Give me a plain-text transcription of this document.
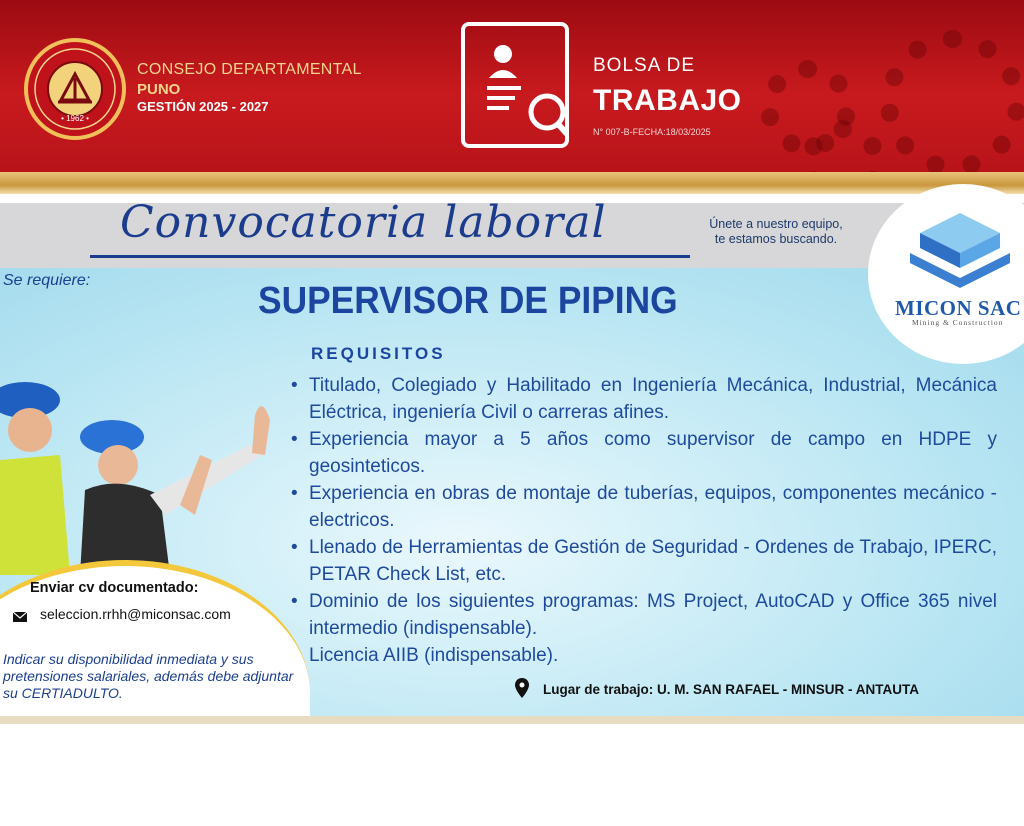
• 1962 •
CONSEJO DEPARTAMENTAL
PUNO
GESTIÓN 2025 - 2027
BOLSA DE
TRABAJO
N° 007-B-FECHA:18/03/2025
Convocatoria laboral	Únete a nuestro equipo, te estamos buscando.
MICON SAC
Mining & Construction
Se requiere:	SUPERVISOR DE PIPING
REQUISITOS
• Titulado, Colegiado y Habilitado en Ingeniería Mecánica, Industrial, Mecánica Eléctrica, ingeniería Civil o carreras afines.
• Experiencia mayor a 5 años como supervisor de campo en HDPE y geosinteticos.
• Experiencia en obras de montaje de tuberías, equipos, componentes mecánico - electricos.
• Llenado de Herramientas de Gestión de Seguridad - Ordenes de Trabajo, IPERC, PETAR Check List, etc.
• Dominio de los siguientes programas: MS Project, AutoCAD y Office 365 nivel intermedio (indispensable).
• Licencia AIIB (indispensable).
Enviar cv documentado:
seleccion.rrhh@miconsac.com
Indicar su disponibilidad inmediata y sus pretensiones salariales, además debe adjuntar su CERTIADULTO.	Lugar de trabajo: U. M. SAN RAFAEL - MINSUR - ANTAUTA
